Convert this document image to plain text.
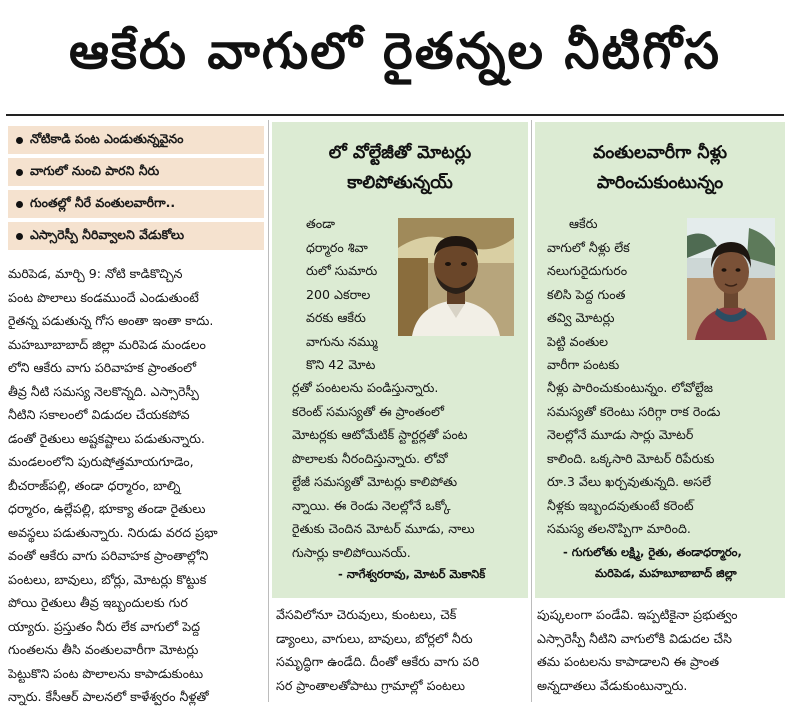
ఆకేరు వాగులో రైతన్నల నీటిగోస
నోటికాడి పంట ఎండుతున్నవైనం
వాగులో నుంచి పారని నీరు
గుంతల్లో నీరే వంతులవారీగా..
ఎస్సారెస్పీ నీరివ్వాలని వేడుకోలు
మరిపెడ, మార్చి 9: నోటి కాడికొచ్చిన
పంట పొలాలు కండముందే ఎండుతుంటే
రైతన్న పడుతున్న గోస అంతా ఇంతా కాదు.
మహబూబాబాద్ జిల్లా మరిపెడ మండలం
లోని ఆకేరు వాగు పరివాహక ప్రాంతంలో
తీవ్ర నీటి సమస్య నెలకొన్నది. ఎస్సారెస్పీ
నీటిని సకాలంలో విడుదల చేయకపోవ
డంతో రైతులు అష్టకష్టాలు పడుతున్నారు.
మండలంలోని పురుషోత్తమాయగూడెం,
బీచరాజ్‌పల్లి, తండా ధర్మారం, బాల్ని
ధర్మారం, ఉల్లేపల్లి, భూక్యా తండా రైతులు
అవస్థలు పడుతున్నారు. నిరుడు వరద ప్రభా
వంతో ఆకేరు వాగు పరివాహక ప్రాంతాల్లోని
పంటలు, బావులు, బోర్లు, మోటర్లు కొట్టుక
పోయి రైతులు తీవ్ర ఇబ్బందులకు గుర
య్యారు. ప్రస్తుతం నీరు లేక వాగులో పెద్ద
గుంతలను తీసి వంతులవారీగా మోటర్లు
పెట్టుకొని పంట పొలాలను కాపాడుకుంటు
న్నారు. కేసీఆర్ పాలనలో కాళేశ్వరం నీళ్లతో
లో వోల్టేజీతో మోటర్లు
కాలిపోతున్నయ్
తండా
ధర్మారం శివా
రులో సుమారు
200 ఎకరాల
వరకు ఆకేరు
వాగును నమ్ము
కొని 42 మోట
ర్లతో పంటలను పండిస్తున్నారు.
కరెంట్ సమస్యతో ఈ ప్రాంతంలో
మోటర్లకు ఆటోమేటిక్ స్టార్టర్లతో పంట
పొలాలకు నీరందిస్తున్నారు. లోవో
ల్టేజీ సమస్యతో మోటర్లు కాలిపోతు
న్నాయి. ఈ రెండు నెలల్లోనే ఒక్కో
రైతుకు చెందిన మోటర్ మూడు, నాలు
గుసార్లు కాలిపోయినయ్.
- నాగేశ్వరరావు, మోటర్ మెకానిక్
వంతులవారీగా నీళ్లు
పారించుకుంటున్నం
ఆకేరు
వాగులో నీళ్లు లేక
నలుగురైదుగురం
కలిసి పెద్ద గుంత
తవ్వి మోటర్లు
పెట్టి వంతుల
వారీగా పంటకు
నీళ్లు పారించుకుంటున్నం. లోవోల్టేజ
సమస్యతో కరెంటు సరిగ్గా రాక రెండు
నెలల్లోనే మూడు సార్లు మోటర్
కాలింది. ఒక్కసారి మోటర్ రిపేరుకు
రూ.3 వేలు ఖర్చవుతున్నది. అసలే
నీళ్లకు ఇబ్బందవుతుంటే కరెంట్
సమస్య తలనొప్పిగా మారింది.
- గుగులోతు లక్ష్మి, రైతు, తండాధర్మారం,
మరిపెడ, మహబూబాబాద్ జిల్లా
వేసవిలోనూ చెరువులు, కుంటలు, చెక్
డ్యాంలు, వాగులు, బావులు, బోర్లలో నీరు
సమృద్ధిగా ఉండేది. దీంతో ఆకేరు వాగు పరి
సర ప్రాంతాలతోపాటు గ్రామాల్లో పంటలు
పుష్కలంగా పండేవి. ఇప్పటికైనా ప్రభుత్వం
ఎస్సారెస్పీ నీటిని వాగులోకి విడుదల చేసి
తమ పంటలను కాపాడాలని ఈ ప్రాంత
అన్నదాతలు వేడుకుంటున్నారు.
